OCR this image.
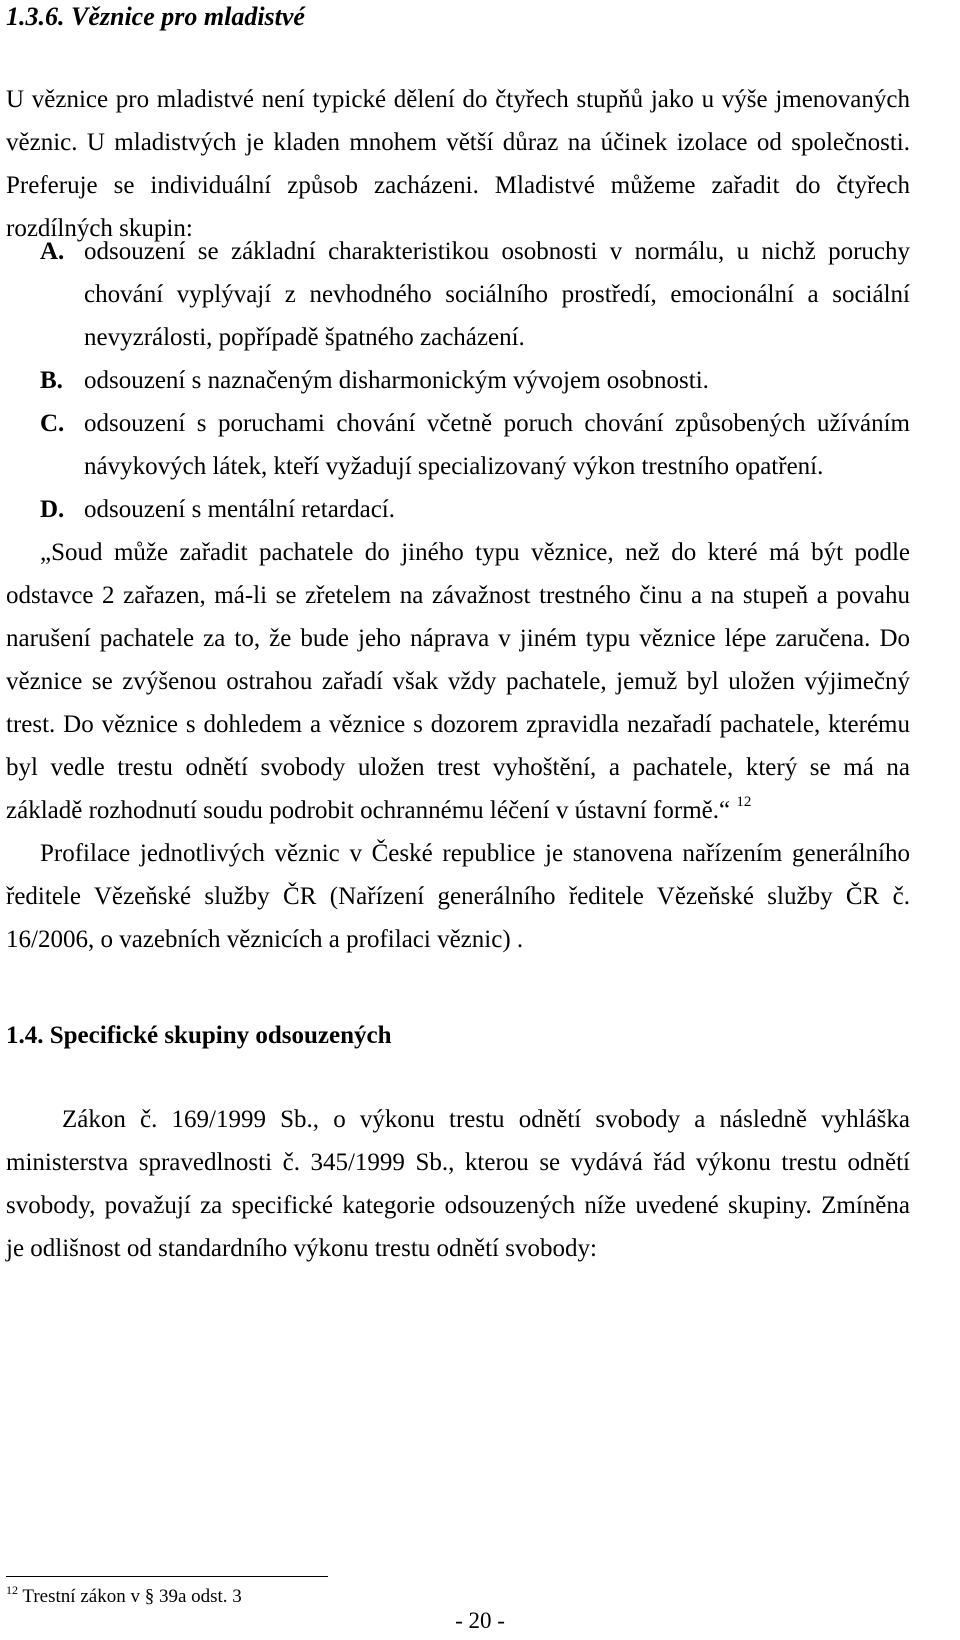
1.3.6. Věznice pro mladistvé
U věznice pro mladistvé není typické dělení do čtyřech stupňů jako u výše jmenovaných
věznic. U mladistvých je kladen mnohem větší důraz na účinek izolace od společnosti.
Preferuje se individuální způsob zacházeni. Mladistvé můžeme zařadit do čtyřech
rozdílných skupin:
A. odsouzení se základní charakteristikou osobnosti v normálu, u nichž poruchy
chování vyplývají z nevhodného sociálního prostředí, emocionální a sociální
nevyzrálosti, popřípadě špatného zacházení.
B. odsouzení s naznačeným disharmonickým vývojem osobnosti.
C. odsouzení s poruchami chování včetně poruch chování způsobených užíváním
návykových látek, kteří vyžadují specializovaný výkon trestního opatření.
D. odsouzení s mentální retardací.
„Soud může zařadit pachatele do jiného typu věznice, než do které má být podle
odstavce 2 zařazen, má-li se zřetelem na závažnost trestného činu a na stupeň a povahu
narušení pachatele za to, že bude jeho náprava v jiném typu věznice lépe zaručena. Do
věznice se zvýšenou ostrahou zařadí však vždy pachatele, jemuž byl uložen výjimečný
trest. Do věznice s dohledem a věznice s dozorem zpravidla nezařadí pachatele, kterému
byl vedle trestu odnětí svobody uložen trest vyhoštění, a pachatele, který se má na
základě rozhodnutí soudu podrobit ochrannému léčení v ústavní formě.“ $^{12}$
Profilace jednotlivých věznic v České republice je stanovena nařízením generálního
ředitele Vězeňské služby ČR (Nařízení generálního ředitele Vězeňské služby ČR č.
16/2006, o vazebních věznicích a profilaci věznic) .
1.4. Specifické skupiny odsouzených
Zákon č. 169/1999 Sb., o výkonu trestu odnětí svobody a následně vyhláška
ministerstva spravedlnosti č. 345/1999 Sb., kterou se vydává řád výkonu trestu odnětí
svobody, považují za specifické kategorie odsouzených níže uvedené skupiny. Zmíněna
je odlišnost od standardního výkonu trestu odnětí svobody:
$^{12}$ Trestní zákon v § 39a odst. 3
- 20 -
